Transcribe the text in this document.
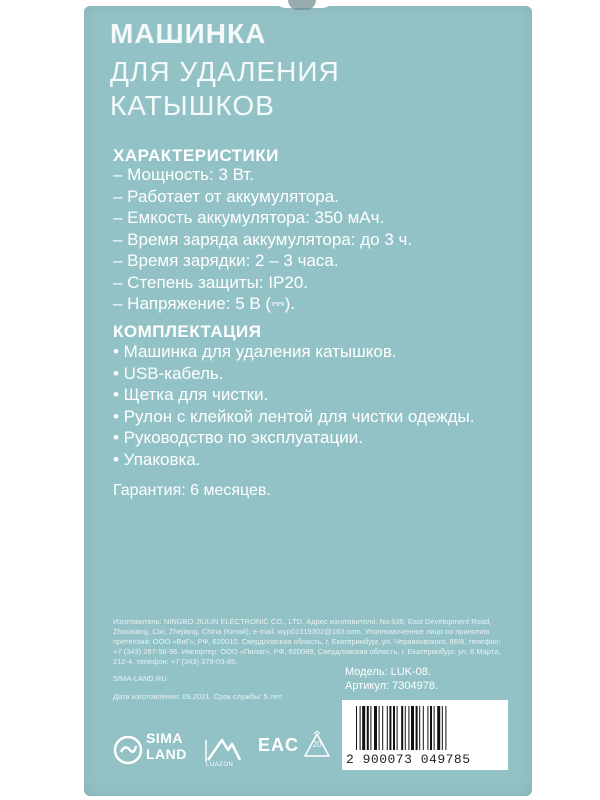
МАШИНКА
ДЛЯ УДАЛЕНИЯ
КАТЫШКОВ
ХАРАКТЕРИСТИКИ
– Мощность: 3 Вт.
– Работает от аккумулятора.
– Емкость аккумулятора: 350 мАч.
– Время заряда аккумулятора: до 3 ч.
– Время зарядки: 2 – 3 часа.
– Степень защиты: IP20.
– Напряжение: 5 В (⎓).
КОМПЛЕКТАЦИЯ
• Машинка для удаления катышков.
• USB-кабель.
• Щетка для чистки.
• Рулон с клейкой лентой для чистки одежды.
• Руководство по эксплуатации.
• Упаковка.
Гарантия: 6 месяцев.
Изготовитель: NINGBO JIULIN ELECTRONIC CO., LTD. Адрес изготовителя: No.638, East Development Road, Zhouxiang, Cixi, Zhejiang, China (Китай), e-mail: wyp01319302@163.com. Уполномоченное лицо по принятию претензий: ООО «ВиГ», РФ, 620010, Свердловская область, г. Екатеринбург, ул. Черняховского, 86/8, телефон: +7 (343) 287-56-96. Импортер: ООО «Пилат», РФ, 620089, Свердловская область, г. Екатеринбург, ул. 8 Марта, 212-4, телефон: +7 (343) 379-03-85.
SIMA-LAND.RU
Дата изготовления: 09.2021. Срок службы: 5 лет.
Модель: LUK-08.
Артикул: 7304978.
2 900073 049785
SIMA
LAND
LUAZON
EAC	20
